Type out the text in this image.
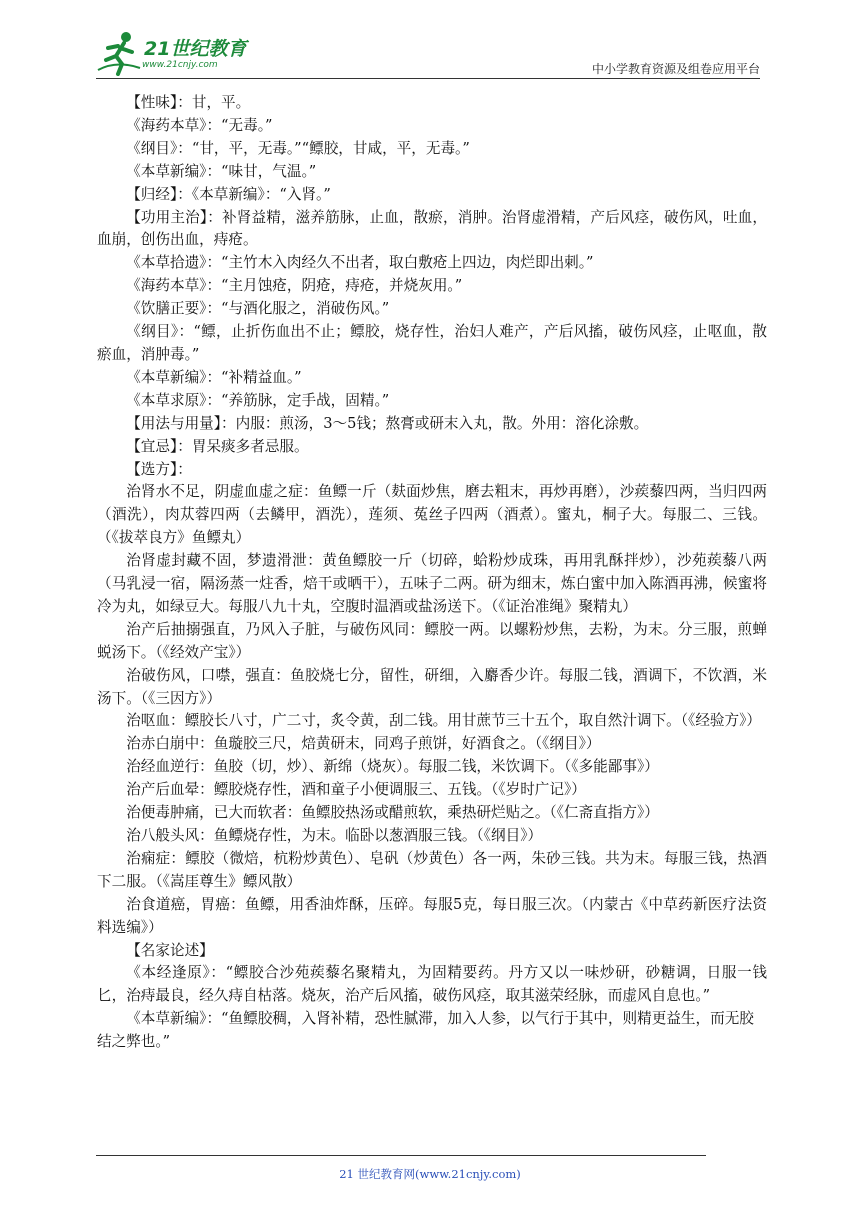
21世纪教育
www.21cnjy.com	中小学教育资源及组卷应用平台

【性味】：甘，平。

《海药本草》：“无毒。”

《纲目》：“甘，平，无毒。”“鳔胶，甘咸，平，无毒。”

《本草新编》：“味甘，气温。”

【归经】：《本草新编》：“入肾。”

【功用主治】：补肾益精，滋养筋脉，止血，散瘀，消肿。治肾虚滑精，产后风痉，破伤风，吐血，血崩，创伤出血，痔疮。

《本草拾遗》：“主竹木入肉经久不出者，取白敷疮上四边，肉烂即出刺。”

《海药本草》：“主月蚀疮，阴疮，痔疮，并烧灰用。”

《饮膳正要》：“与酒化服之，消破伤风。”

《纲目》：“鳔，止折伤血出不止；鳔胶，烧存性，治妇人难产，产后风搐，破伤风痉，止呕血，散瘀血，消肿毒。”

《本草新编》：“补精益血。”

《本草求原》：“养筋脉，定手战，固精。”

【用法与用量】：内服：煎汤，3～5钱；熬膏或研末入丸，散。外用：溶化涂敷。

【宜忌】：胃呆痰多者忌服。

【选方】：

治肾水不足，阴虚血虚之症：鱼鳔一斤（麸面炒焦，磨去粗末，再炒再磨），沙蒺藜四两，当归四两（酒洗），肉苁蓉四两（去鳞甲，酒洗），莲须、菟丝子四两（酒煮）。蜜丸，桐子大。每服二、三钱。（《拔萃良方》鱼鳔丸）

治肾虚封藏不固，梦遗滑泄：黄鱼鳔胶一斤（切碎，蛤粉炒成珠，再用乳酥拌炒），沙苑蒺藜八两（马乳浸一宿，隔汤蒸一炷香，焙干或晒干），五味子二两。研为细末，炼白蜜中加入陈酒再沸，候蜜将冷为丸，如绿豆大。每服八九十丸，空腹时温酒或盐汤送下。（《证治准绳》聚精丸）

治产后抽搦强直，乃风入子脏，与破伤风同：鳔胶一两。以螺粉炒焦，去粉，为末。分三服，煎蝉蜕汤下。（《经效产宝》）

治破伤风，口噤，强直：鱼胶烧七分，留性，研细，入麝香少许。每服二钱，酒调下，不饮酒，米汤下。（《三因方》）

治呕血：鳔胶长八寸，广二寸，炙令黄，刮二钱。用甘蔗节三十五个，取自然汁调下。（《经验方》）

治赤白崩中：鱼璇胶三尺，焙黄研末，同鸡子煎饼，好酒食之。（《纲目》）

治经血逆行：鱼胶（切，炒）、新绵（烧灰）。每服二钱，米饮调下。（《多能鄙事》）

治产后血晕：鳔胶烧存性，酒和童子小便调服三、五钱。（《岁时广记》）

治便毒肿痛，已大而软者：鱼鳔胶热汤或醋煎软，乘热研烂贴之。（《仁斋直指方》）

治八般头风：鱼鳔烧存性，为末。临卧以葱酒服三钱。（《纲目》）

治痫症：鳔胶（微焙，杭粉炒黄色）、皂矾（炒黄色）各一两，朱砂三钱。共为末。每服三钱，热酒下二服。（《嵩厓尊生》鳔风散）

治食道癌，胃癌：鱼鳔，用香油炸酥，压碎。每服5克，每日服三次。（内蒙古《中草药新医疗法资料选编》）

【名家论述】

《本经逢原》：“鳔胶合沙苑蒺藜名聚精丸，为固精要药。丹方又以一味炒研，砂糖调，日服一钱匕，治痔最良，经久痔自枯落。烧灰，治产后风搐，破伤风痉，取其滋荣经脉，而虚风自息也。”

《本草新编》：“鱼鳔胶稠，入肾补精，恐性腻滞，加入人参，以气行于其中，则精更益生，而无胶结之弊也。”

21 世纪教育网(www.21cnjy.com)
